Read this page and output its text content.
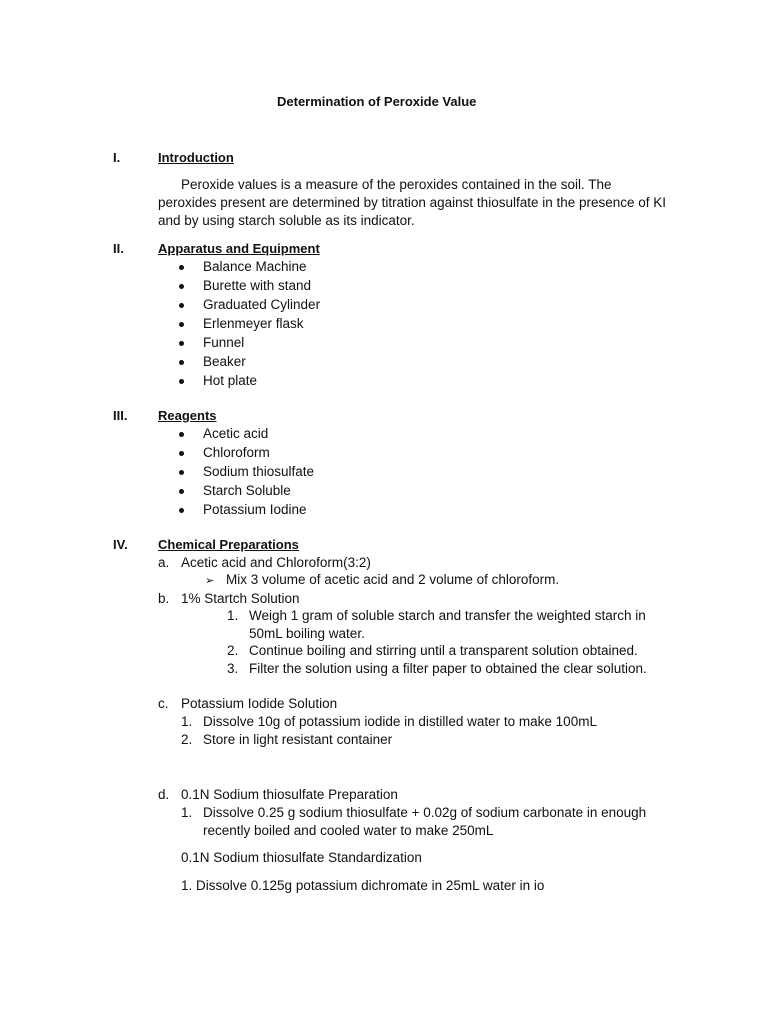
Determination of Peroxide Value
I.	Introduction
Peroxide values is a measure of the peroxides contained in the soil. The
peroxides present are determined by titration against thiosulfate in the presence of KI
and by using starch soluble as its indicator.
II.	Apparatus and Equipment
Balance Machine
Burette with stand
Graduated Cylinder
Erlenmeyer flask
Funnel
Beaker
Hot plate
III. Reagents
Acetic acid
Chloroform
Sodium thiosulfate
Starch Soluble
Potassium Iodine
IV. Chemical Preparations
a. Acetic acid and Chloroform(3:2)
➢ Mix 3 volume of acetic acid and 2 volume of chloroform.
b. 1% Startch Solution
1. Weigh 1 gram of soluble starch and transfer the weighted starch in
50mL boiling water.
2. Continue boiling and stirring until a transparent solution obtained.
3. Filter the solution using a filter paper to obtained the clear solution.
c. Potassium Iodide Solution
1. Dissolve 10g of potassium iodide in distilled water to make 100mL
2. Store in light resistant container
d. 0.1N Sodium thiosulfate Preparation
1. Dissolve 0.25 g sodium thiosulfate + 0.02g of sodium carbonate in enough
recently boiled and cooled water to make 250mL
0.1N Sodium thiosulfate Standardization
1. Dissolve 0.125g potassium dichromate in 25mL water in io
